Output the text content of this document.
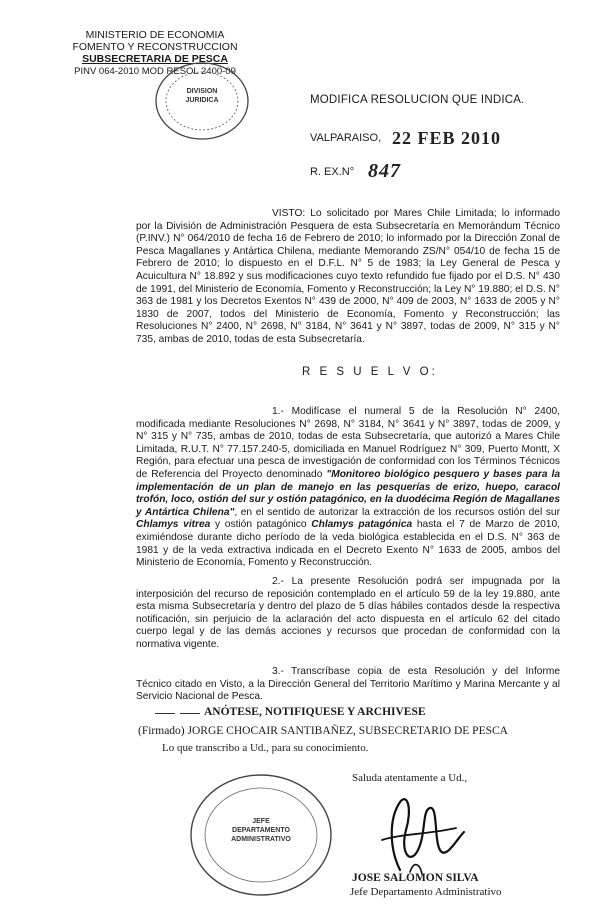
MINISTERIO DE ECONOMIA
FOMENTO Y RECONSTRUCCION
SUBSECRETARIA DE PESCA
PINV 064-2010 MOD RESOL 2400-09
DIVISION
JURIDICA	MODIFICA RESOLUCION QUE INDICA.
VALPARAISO, 22 FEB 2010
R. EX.N° 847
VISTO: Lo solicitado por Mares Chile Limitada; lo informado por la División de Administración Pesquera de esta Subsecretaría en Memorándum Técnico (P.INV.) N° 064/2010 de fecha 16 de Febrero de 2010; lo informado por la Dirección Zonal de Pesca Magallanes y Antártica Chilena, mediante Memorando ZS/N° 054/10 de fecha 15 de Febrero de 2010; lo dispuesto en el D.F.L. N° 5 de 1983; la Ley General de Pesca y Acuicultura N° 18.892 y sus modificaciones cuyo texto refundido fue fijado por el D.S. N° 430 de 1991, del Ministerio de Economía, Fomento y Reconstrucción; la Ley N° 19.880; el D.S. N° 363 de 1981 y los Decretos Exentos N° 439 de 2000, N° 409 de 2003, N° 1633 de 2005 y N° 1830 de 2007, todos del Ministerio de Economía, Fomento y Reconstrucción; las Resoluciones N° 2400, N° 2698, N° 3184, N° 3641 y N° 3897, todas de 2009, N° 315 y N° 735, ambas de 2010, todas de esta Subsecretaría.
R E S U E L V O:
1.- Modifícase el numeral 5 de la Resolución N° 2400, modificada mediante Resoluciones N° 2698, N° 3184, N° 3641 y N° 3897, todas de 2009, y N° 315 y N° 735, ambas de 2010, todas de esta Subsecretaría, que autorizó a Mares Chile Limitada, R.U.T. N° 77.157.240-5, domiciliada en Manuel Rodríguez N° 309, Puerto Montt, X Región, para efectuar una pesca de investigación de conformidad con los Términos Técnicos de Referencia del Proyecto denominado "Monitoreo biológico pesquero y bases para la implementación de un plan de manejo en las pesquerías de erizo, huepo, caracol trofón, loco, ostión del sur y ostión patagónico, en la duodécima Región de Magallanes y Antártica Chilena", en el sentido de autorizar la extracción de los recursos ostión del sur Chlamys vitrea y ostión patagónico Chlamys patagónica hasta el 7 de Marzo de 2010, eximiéndose durante dicho período de la veda biológica establecida en el D.S. N° 363 de 1981 y de la veda extractiva indicada en el Decreto Exento N° 1633 de 2005, ambos del Ministerio de Economía, Fomento y Reconstrucción.
2.- La presente Resolución podrá ser impugnada por la interposición del recurso de reposición contemplado en el artículo 59 de la ley 19.880, ante esta misma Subsecretaría y dentro del plazo de 5 días hábiles contados desde la respectiva notificación, sin perjuicio de la aclaración del acto dispuesta en el artículo 62 del citado cuerpo legal y de las demás acciones y recursos que procedan de conformidad con la normativa vigente.
3.- Transcríbase copia de esta Resolución y del Informe Técnico citado en Visto, a la Dirección General del Territorio Marítimo y Marina Mercante y al Servicio Nacional de Pesca.
ANÓTESE, NOTIFIQUESE Y ARCHIVESE
(Firmado) JORGE CHOCAIR SANTIBAÑEZ, SUBSECRETARIO DE PESCA
Lo que transcribo a Ud., para su conocimiento.
Saluda atentamente a Ud.,
JEFE
DEPARTAMENTO
ADMINISTRATIVO
JOSE SALOMON SILVA
Jefe Departamento Administrativo
